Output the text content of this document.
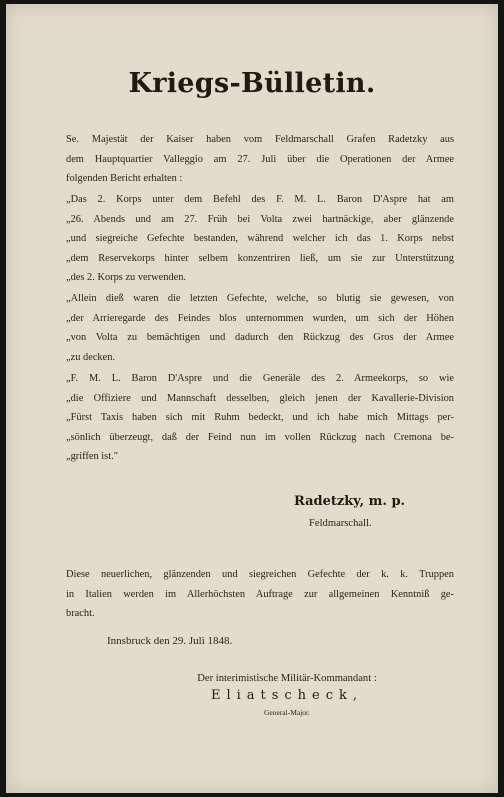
Kriegs-Bülletin.
Se. Majestät der Kaiser haben vom Feldmarschall Grafen Radetzky aus
dem Hauptquartier Valleggio am 27. Juli über die Operationen der Armee
folgenden Bericht erhalten :
„Das 2. Korps unter dem Befehl des F. M. L. Baron D'Aspre hat am
„26. Abends und am 27. Früh bei Volta zwei hartnäckige, aber glänzende
„und siegreiche Gefechte bestanden, während welcher ich das 1. Korps nebst
„dem Reservekorps hinter selbem konzentriren ließ, um sie zur Unterstützung
„des 2. Korps zu verwenden.
„Allein dieß waren die letzten Gefechte, welche, so blutig sie gewesen, von
„der Arrieregarde des Feindes blos unternommen wurden, um sich der Höhen
„von Volta zu bemächtigen und dadurch den Rückzug des Gros der Armee
„zu decken.
„F. M. L. Baron D'Aspre und die Generäle des 2. Armeekorps, so wie
„die Offiziere und Mannschaft desselben, gleich jenen der Kavallerie-Division
„Fürst Taxis haben sich mit Ruhm bedeckt, und ich habe mich Mittags per-
„sönlich überzeugt, daß der Feind nun im vollen Rückzug nach Cremona be-
„griffen ist."
Radetzky, m. p.
Feldmarschall.
Diese neuerlichen, glänzenden und siegreichen Gefechte der k. k. Truppen
in Italien werden im Allerhöchsten Auftrage zur allgemeinen Kenntniß ge-
bracht.
Innsbruck den 29. Juli 1848.
Der interimistische Militär-Kommandant :
Eliatscheck,
General-Major.
